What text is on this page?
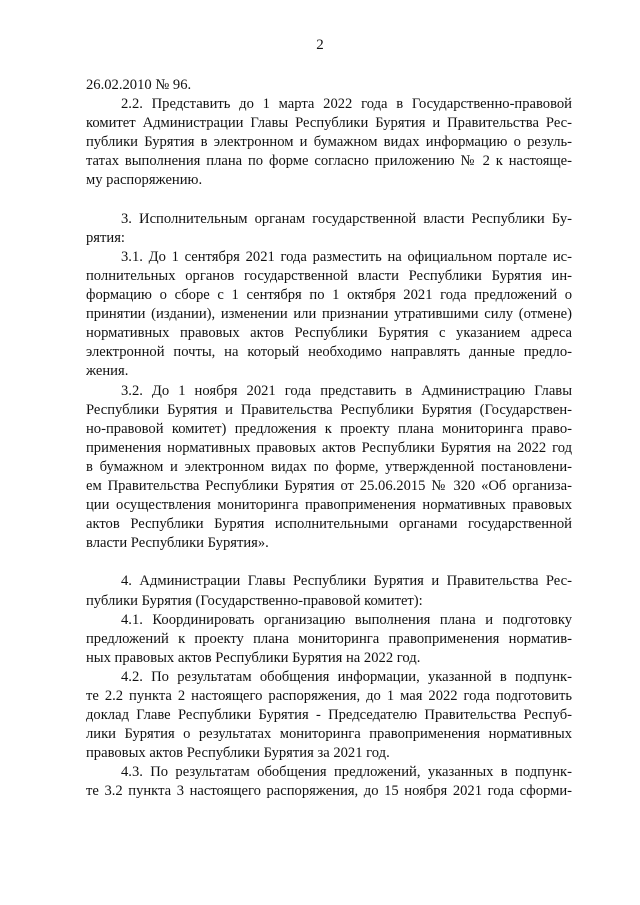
2
26.02.2010 № 96.
2.2. Представить до 1 марта 2022 года в Государственно-правовой
комитет Администрации Главы Республики Бурятия и Правительства Рес-
публики Бурятия в электронном и бумажном видах информацию о резуль-
татах выполнения плана по форме согласно приложению № 2 к настояще-
му распоряжению.
3. Исполнительным органам государственной власти Республики Бу-
рятия:
3.1. До 1 сентября 2021 года разместить на официальном портале ис-
полнительных органов государственной власти Республики Бурятия ин-
формацию о сборе с 1 сентября по 1 октября 2021 года предложений о
принятии (издании), изменении или признании утратившими силу (отмене)
нормативных правовых актов Республики Бурятия с указанием адреса
электронной почты, на который необходимо направлять данные предло-
жения.
3.2. До 1 ноября 2021 года представить в Администрацию Главы
Республики Бурятия и Правительства Республики Бурятия (Государствен-
но-правовой комитет) предложения к проекту плана мониторинга право-
применения нормативных правовых актов Республики Бурятия на 2022 год
в бумажном и электронном видах по форме, утвержденной постановлени-
ем Правительства Республики Бурятия от 25.06.2015 № 320 «Об организа-
ции осуществления мониторинга правоприменения нормативных правовых
актов Республики Бурятия исполнительными органами государственной
власти Республики Бурятия».
4. Администрации Главы Республики Бурятия и Правительства Рес-
публики Бурятия (Государственно-правовой комитет):
4.1. Координировать организацию выполнения плана и подготовку
предложений к проекту плана мониторинга правоприменения норматив-
ных правовых актов Республики Бурятия на 2022 год.
4.2. По результатам обобщения информации, указанной в подпунк-
те 2.2 пункта 2 настоящего распоряжения, до 1 мая 2022 года подготовить
доклад Главе Республики Бурятия - Председателю Правительства Респуб-
лики Бурятия о результатах мониторинга правоприменения нормативных
правовых актов Республики Бурятия за 2021 год.
4.3. По результатам обобщения предложений, указанных в подпунк-
те 3.2 пункта 3 настоящего распоряжения, до 15 ноября 2021 года сформи-
